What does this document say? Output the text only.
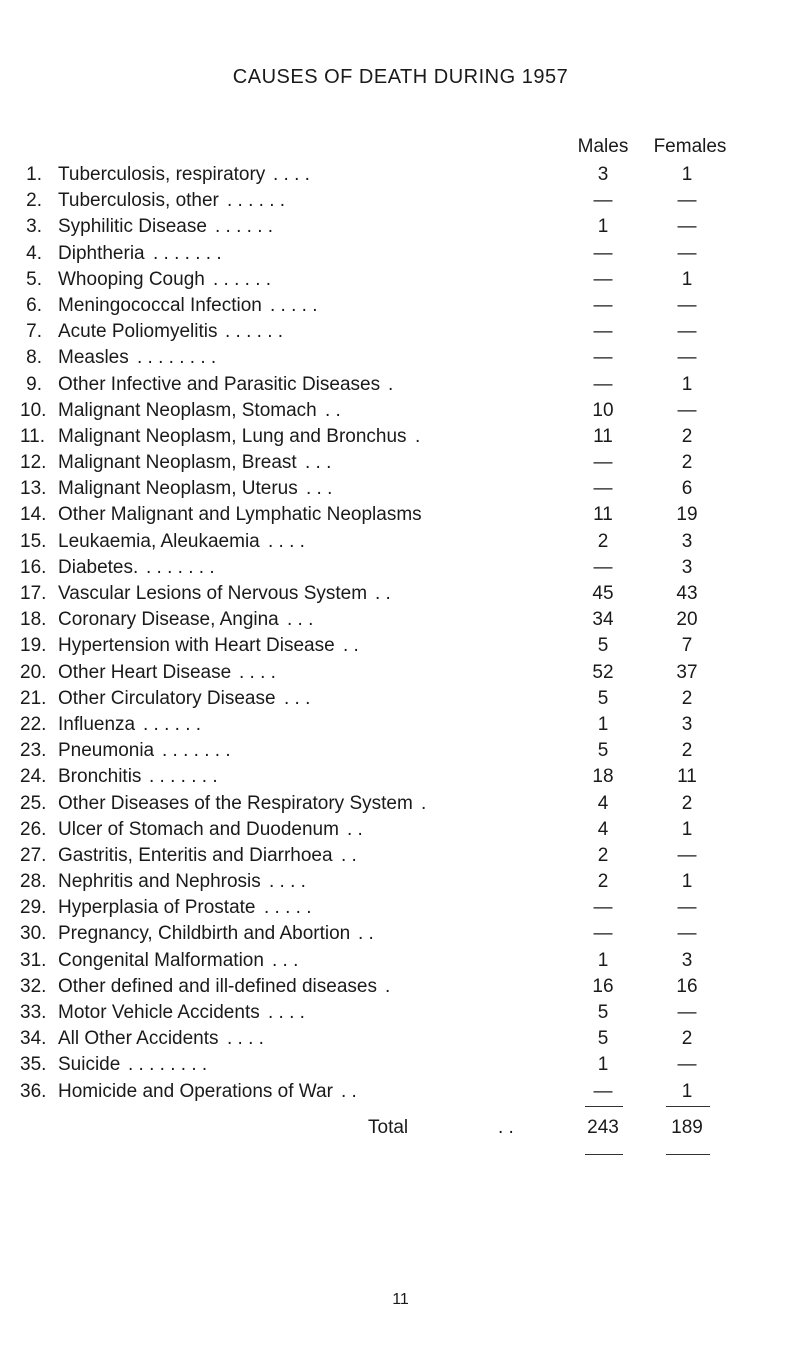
CAUSES OF DEATH DURING 1957
Males	Females
1. Tuberculosis, respiratory . . . .	3	1
2. Tuberculosis, other . . . . . .	—	—
3. Syphilitic Disease . . . . . .	1	—
4. Diphtheria . . . . . . .	—	—
5. Whooping Cough . . . . . .	—	1
6. Meningococcal Infection . . . . .	—	—
7. Acute Poliomyelitis . . . . . .	—	—
8. Measles . . . . . . . .	—	—
9. Other Infective and Parasitic Diseases .	—	1
10. Malignant Neoplasm, Stomach . .	10	—
11. Malignant Neoplasm, Lung and Bronchus .	11	2
12. Malignant Neoplasm, Breast . . .	—	2
13. Malignant Neoplasm, Uterus . . .	—	6
14. Other Malignant and Lymphatic Neoplasms	11	19
15. Leukaemia, Aleukaemia . . . .	2	3
16. Diabetes. . . . . . . .	—	3
17. Vascular Lesions of Nervous System . .	45	43
18. Coronary Disease, Angina . . .	34	20
19. Hypertension with Heart Disease . .	5	7
20. Other Heart Disease . . . .	52	37
21. Other Circulatory Disease . . .	5	2
22. Influenza . . . . . .	1	3
23. Pneumonia . . . . . . .	5	2
24. Bronchitis . . . . . . .	18	11
25. Other Diseases of the Respiratory System .	4	2
26. Ulcer of Stomach and Duodenum . .	4	1
27. Gastritis, Enteritis and Diarrhoea . .	2	—
28. Nephritis and Nephrosis . . . .	2	1
29. Hyperplasia of Prostate . . . . .	—	—
30. Pregnancy, Childbirth and Abortion . .	—	—
31. Congenital Malformation . . .	1	3
32. Other defined and ill-defined diseases .	16	16
33. Motor Vehicle Accidents . . . .	5	—
34. All Other Accidents . . . .	5	2
35. Suicide . . . . . . . .	1	—
36. Homicide and Operations of War . .	—	1
Total	. .	243	189
11
